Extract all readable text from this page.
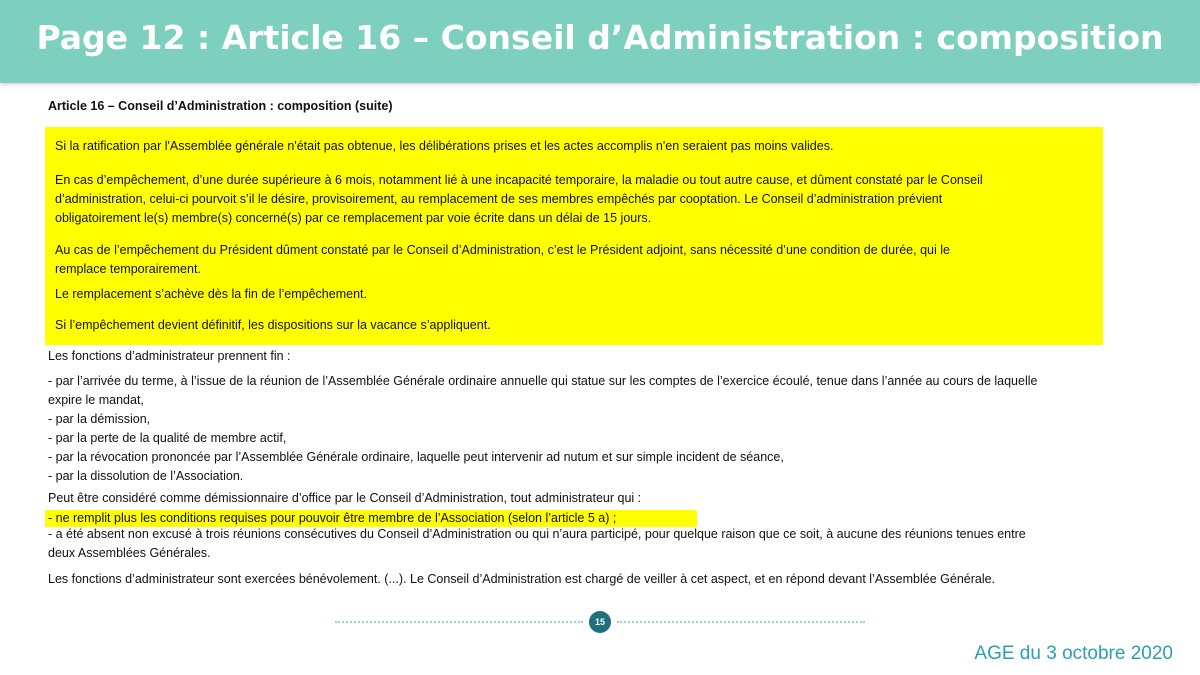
Page 12 : Article 16 – Conseil d’Administration : composition
Article 16 – Conseil d’Administration : composition (suite)
Si la ratification par l'Assemblée générale n'était pas obtenue, les délibérations prises et les actes accomplis n'en seraient pas moins valides.
En cas d’empêchement, d’une durée supérieure à 6 mois, notamment lié à une incapacité temporaire, la maladie ou tout autre cause, et dûment constaté par le Conseil
d’administration, celui-ci pourvoit s’il le désire, provisoirement, au remplacement de ses membres empêchés par cooptation. Le Conseil d’administration prévient
obligatoirement le(s) membre(s) concerné(s) par ce remplacement par voie écrite dans un délai de 15 jours.
Au cas de l’empêchement du Président dûment constaté par le Conseil d’Administration, c’est le Président adjoint, sans nécessité d’une condition de durée, qui le
remplace temporairement.
Le remplacement s’achève dès la fin de l’empêchement.
Si l’empêchement devient définitif, les dispositions sur la vacance s’appliquent.
Les fonctions d’administrateur prennent fin :
- par l’arrivée du terme, à l’issue de la réunion de l’Assemblée Générale ordinaire annuelle qui statue sur les comptes de l’exercice écoulé, tenue dans l’année au cours de laquelle
expire le mandat,
- par la démission,
- par la perte de la qualité de membre actif,
- par la révocation prononcée par l’Assemblée Générale ordinaire, laquelle peut intervenir ad nutum et sur simple incident de séance,
- par la dissolution de l’Association.
Peut être considéré comme démissionnaire d’office par le Conseil d’Administration, tout administrateur qui :
- ne remplit plus les conditions requises pour pouvoir être membre de l’Association (selon l’article 5 a) ;
- a été absent non excusé à trois réunions consécutives du Conseil d’Administration ou qui n’aura participé, pour quelque raison que ce soit, à aucune des réunions tenues entre
deux Assemblées Générales.
Les fonctions d’administrateur sont exercées bénévolement. (...). Le Conseil d’Administration est chargé de veiller à cet aspect, et en répond devant l’Assemblée Générale.
15
AGE du 3 octobre 2020
